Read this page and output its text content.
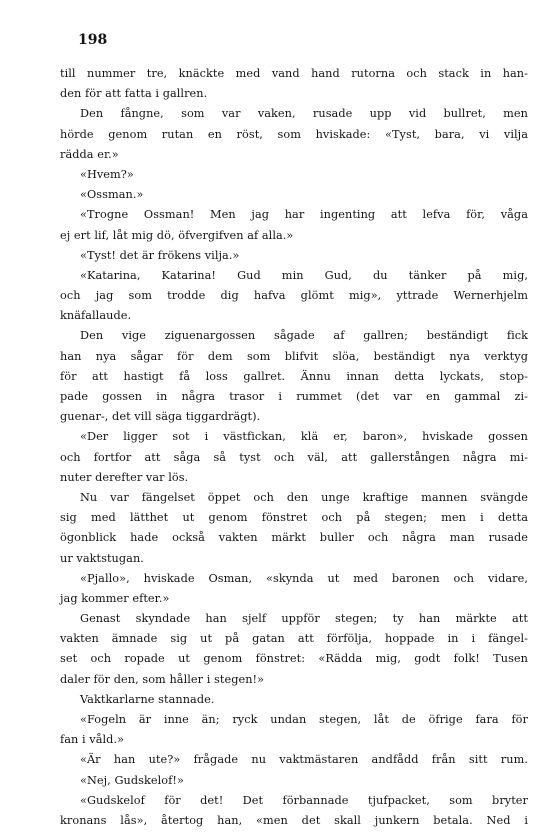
198
till nummer tre, knäckte med vand hand rutorna och stack in han-
den för att fatta i gallren.
Den fångne, som var vaken, rusade upp vid bullret, men
hörde genom rutan en röst, som hviskade: «Tyst, bara, vi vilja
rädda er.»
«Hvem?»
«Ossman.»
«Trogne Ossman! Men jag har ingenting att lefva för, våga
ej ert lif, låt mig dö, öfvergifven af alla.»
«Tyst! det är frökens vilja.»
«Katarina, Katarina! Gud min Gud, du tänker på mig,
och jag som trodde dig hafva glömt mig», yttrade Wernerhjelm
knäfallaude.
Den vige ziguenargossen sågade af gallren; beständigt fick
han nya sågar för dem som blifvit slöa, beständigt nya verktyg
för att hastigt få loss gallret. Ännu innan detta lyckats, stop-
pade gossen in några trasor i rummet (det var en gammal zi-
guenar-, det vill säga tiggardrägt).
«Der ligger sot i västfickan, klä er, baron», hviskade gossen
och fortfor att såga så tyst och väl, att gallerstången några mi-
nuter derefter var lös.
Nu var fängelset öppet och den unge kraftige mannen svängde
sig med lätthet ut genom fönstret och på stegen; men i detta
ögonblick hade också vakten märkt buller och några man rusade
ur vaktstugan.
«Pjallo», hviskade Osman, «skynda ut med baronen och vidare,
jag kommer efter.»
Genast skyndade han sjelf uppför stegen; ty han märkte att
vakten ämnade sig ut på gatan att förfölja, hoppade in i fängel-
set och ropade ut genom fönstret: «Rädda mig, godt folk! Tusen
daler för den, som håller i stegen!»
Vaktkarlarne stannade.
«Fogeln är inne än; ryck undan stegen, låt de öfrige fara för
fan i våld.»
«Är han ute?» frågade nu vaktmästaren andfådd från sitt rum.
«Nej, Gudskelof!»
«Gudskelof för det! Det förbannade tjufpacket, som bryter
kronans lås», återtog han, «men det skall junkern betala. Ned i
